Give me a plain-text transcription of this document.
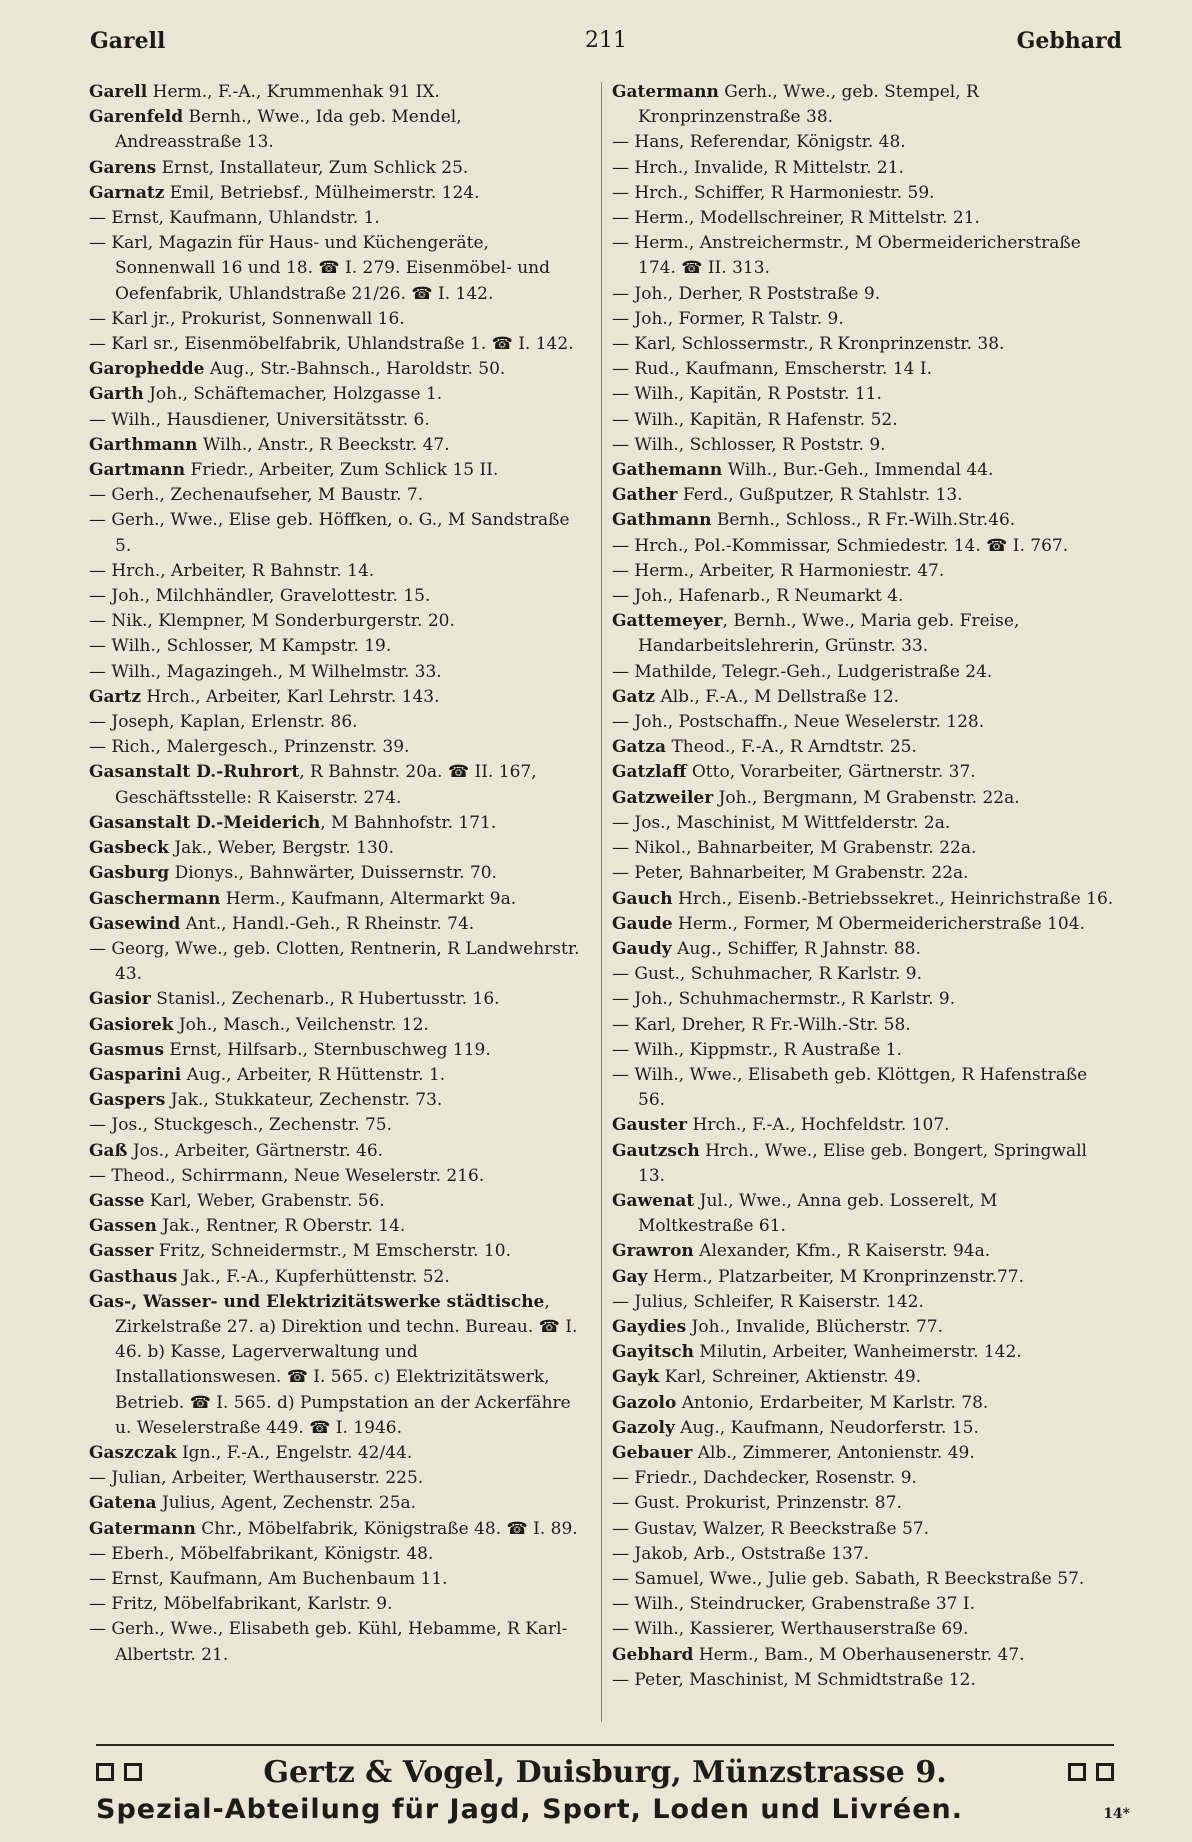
Garell	211	Gebhard

Garell Herm., F.-A., Krummenhak 91 IX.

Garenfeld Bernh., Wwe., Ida geb. Mendel, Andreasstraße 13.

Garens Ernst, Installateur, Zum Schlick 25.

Garnatz Emil, Betriebsf., Mülheimerstr. 124.

— Ernst, Kaufmann, Uhlandstr. 1.

— Karl, Magazin für Haus- und Küchengeräte, Sonnenwall 16 und 18. ☎ I. 279. Eisenmöbel- und Oefenfabrik, Uhlandstraße 21/26. ☎ I. 142.

— Karl jr., Prokurist, Sonnenwall 16.

— Karl sr., Eisenmöbelfabrik, Uhlandstraße 1. ☎ I. 142.

Garophedde Aug., Str.-Bahnsch., Haroldstr. 50.

Garth Joh., Schäftemacher, Holzgasse 1.

— Wilh., Hausdiener, Universitätsstr. 6.

Garthmann Wilh., Anstr., R Beeckstr. 47.

Gartmann Friedr., Arbeiter, Zum Schlick 15 II.

— Gerh., Zechenaufseher, M Baustr. 7.

— Gerh., Wwe., Elise geb. Höffken, o. G., M Sandstraße 5.

— Hrch., Arbeiter, R Bahnstr. 14.

— Joh., Milchhändler, Gravelottestr. 15.

— Nik., Klempner, M Sonderburgerstr. 20.

— Wilh., Schlosser, M Kampstr. 19.

— Wilh., Magazingeh., M Wilhelmstr. 33.

Gartz Hrch., Arbeiter, Karl Lehrstr. 143.

— Joseph, Kaplan, Erlenstr. 86.

— Rich., Malergesch., Prinzenstr. 39.

Gasanstalt D.-Ruhrort, R Bahnstr. 20a. ☎ II. 167, Geschäftsstelle: R Kaiserstr. 274.

Gasanstalt D.-Meiderich, M Bahnhofstr. 171.

Gasbeck Jak., Weber, Bergstr. 130.

Gasburg Dionys., Bahnwärter, Duissernstr. 70.

Gaschermann Herm., Kaufmann, Altermarkt 9a.

Gasewind Ant., Handl.-Geh., R Rheinstr. 74.

— Georg, Wwe., geb. Clotten, Rentnerin, R Landwehrstr. 43.

Gasior Stanisl., Zechenarb., R Hubertusstr. 16.

Gasiorek Joh., Masch., Veilchenstr. 12.

Gasmus Ernst, Hilfsarb., Sternbuschweg 119.

Gasparini Aug., Arbeiter, R Hüttenstr. 1.

Gaspers Jak., Stukkateur, Zechenstr. 73.

— Jos., Stuckgesch., Zechenstr. 75.

Gaß Jos., Arbeiter, Gärtnerstr. 46.

— Theod., Schirrmann, Neue Weselerstr. 216.

Gasse Karl, Weber, Grabenstr. 56.

Gassen Jak., Rentner, R Oberstr. 14.

Gasser Fritz, Schneidermstr., M Emscherstr. 10.

Gasthaus Jak., F.-A., Kupferhüttenstr. 52.

Gas-, Wasser- und Elektrizitätswerke städtische, Zirkelstraße 27. a) Direktion und techn. Bureau. ☎ I. 46. b) Kasse, Lagerverwaltung und Installationswesen. ☎ I. 565. c) Elektrizitätswerk, Betrieb. ☎ I. 565. d) Pumpstation an der Ackerfähre u. Weselerstraße 449. ☎ I. 1946.

Gaszczak Ign., F.-A., Engelstr. 42/44.

— Julian, Arbeiter, Werthauserstr. 225.

Gatena Julius, Agent, Zechenstr. 25a.

Gatermann Chr., Möbelfabrik, Königstraße 48. ☎ I. 89.

— Eberh., Möbelfabrikant, Königstr. 48.

— Ernst, Kaufmann, Am Buchenbaum 11.

— Fritz, Möbelfabrikant, Karlstr. 9.

— Gerh., Wwe., Elisabeth geb. Kühl, Hebamme, R Karl-Albertstr. 21.

Gatermann Gerh., Wwe., geb. Stempel, R Kronprinzenstraße 38.

— Hans, Referendar, Königstr. 48.

— Hrch., Invalide, R Mittelstr. 21.

— Hrch., Schiffer, R Harmoniestr. 59.

— Herm., Modellschreiner, R Mittelstr. 21.

— Herm., Anstreichermstr., M Obermeidericherstraße 174. ☎ II. 313.

— Joh., Derher, R Poststraße 9.

— Joh., Former, R Talstr. 9.

— Karl, Schlossermstr., R Kronprinzenstr. 38.

— Rud., Kaufmann, Emscherstr. 14 I.

— Wilh., Kapitän, R Poststr. 11.

— Wilh., Kapitän, R Hafenstr. 52.

— Wilh., Schlosser, R Poststr. 9.

Gathemann Wilh., Bur.-Geh., Immendal 44.

Gather Ferd., Gußputzer, R Stahlstr. 13.

Gathmann Bernh., Schloss., R Fr.-Wilh.Str.46.

— Hrch., Pol.-Kommissar, Schmiedestr. 14. ☎ I. 767.

— Herm., Arbeiter, R Harmoniestr. 47.

— Joh., Hafenarb., R Neumarkt 4.

Gattemeyer, Bernh., Wwe., Maria geb. Freise, Handarbeitslehrerin, Grünstr. 33.

— Mathilde, Telegr.-Geh., Ludgeristraße 24.

Gatz Alb., F.-A., M Dellstraße 12.

— Joh., Postschaffn., Neue Weselerstr. 128.

Gatza Theod., F.-A., R Arndtstr. 25.

Gatzlaff Otto, Vorarbeiter, Gärtnerstr. 37.

Gatzweiler Joh., Bergmann, M Grabenstr. 22a.

— Jos., Maschinist, M Wittfelderstr. 2a.

— Nikol., Bahnarbeiter, M Grabenstr. 22a.

— Peter, Bahnarbeiter, M Grabenstr. 22a.

Gauch Hrch., Eisenb.-Betriebssekret., Heinrichstraße 16.

Gaude Herm., Former, M Obermeidericherstraße 104.

Gaudy Aug., Schiffer, R Jahnstr. 88.

— Gust., Schuhmacher, R Karlstr. 9.

— Joh., Schuhmachermstr., R Karlstr. 9.

— Karl, Dreher, R Fr.-Wilh.-Str. 58.

— Wilh., Kippmstr., R Austraße 1.

— Wilh., Wwe., Elisabeth geb. Klöttgen, R Hafenstraße 56.

Gauster Hrch., F.-A., Hochfeldstr. 107.

Gautzsch Hrch., Wwe., Elise geb. Bongert, Springwall 13.

Gawenat Jul., Wwe., Anna geb. Losserelt, M Moltkestraße 61.

Grawron Alexander, Kfm., R Kaiserstr. 94a.

Gay Herm., Platzarbeiter, M Kronprinzenstr.77.

— Julius, Schleifer, R Kaiserstr. 142.

Gaydies Joh., Invalide, Blücherstr. 77.

Gayitsch Milutin, Arbeiter, Wanheimerstr. 142.

Gayk Karl, Schreiner, Aktienstr. 49.

Gazolo Antonio, Erdarbeiter, M Karlstr. 78.

Gazoly Aug., Kaufmann, Neudorferstr. 15.

Gebauer Alb., Zimmerer, Antonienstr. 49.

— Friedr., Dachdecker, Rosenstr. 9.

— Gust. Prokurist, Prinzenstr. 87.

— Gustav, Walzer, R Beeckstraße 57.

— Jakob, Arb., Oststraße 137.

— Samuel, Wwe., Julie geb. Sabath, R Beeckstraße 57.

— Wilh., Steindrucker, Grabenstraße 37 I.

— Wilh., Kassierer, Werthauserstraße 69.

Gebhard Herm., Bam., M Oberhausenerstr. 47.

— Peter, Maschinist, M Schmidtstraße 12.

Gertz & Vogel, Duisburg, Münzstrasse 9.
Spezial-Abteilung für Jagd, Sport, Loden und Livréen.	14*
